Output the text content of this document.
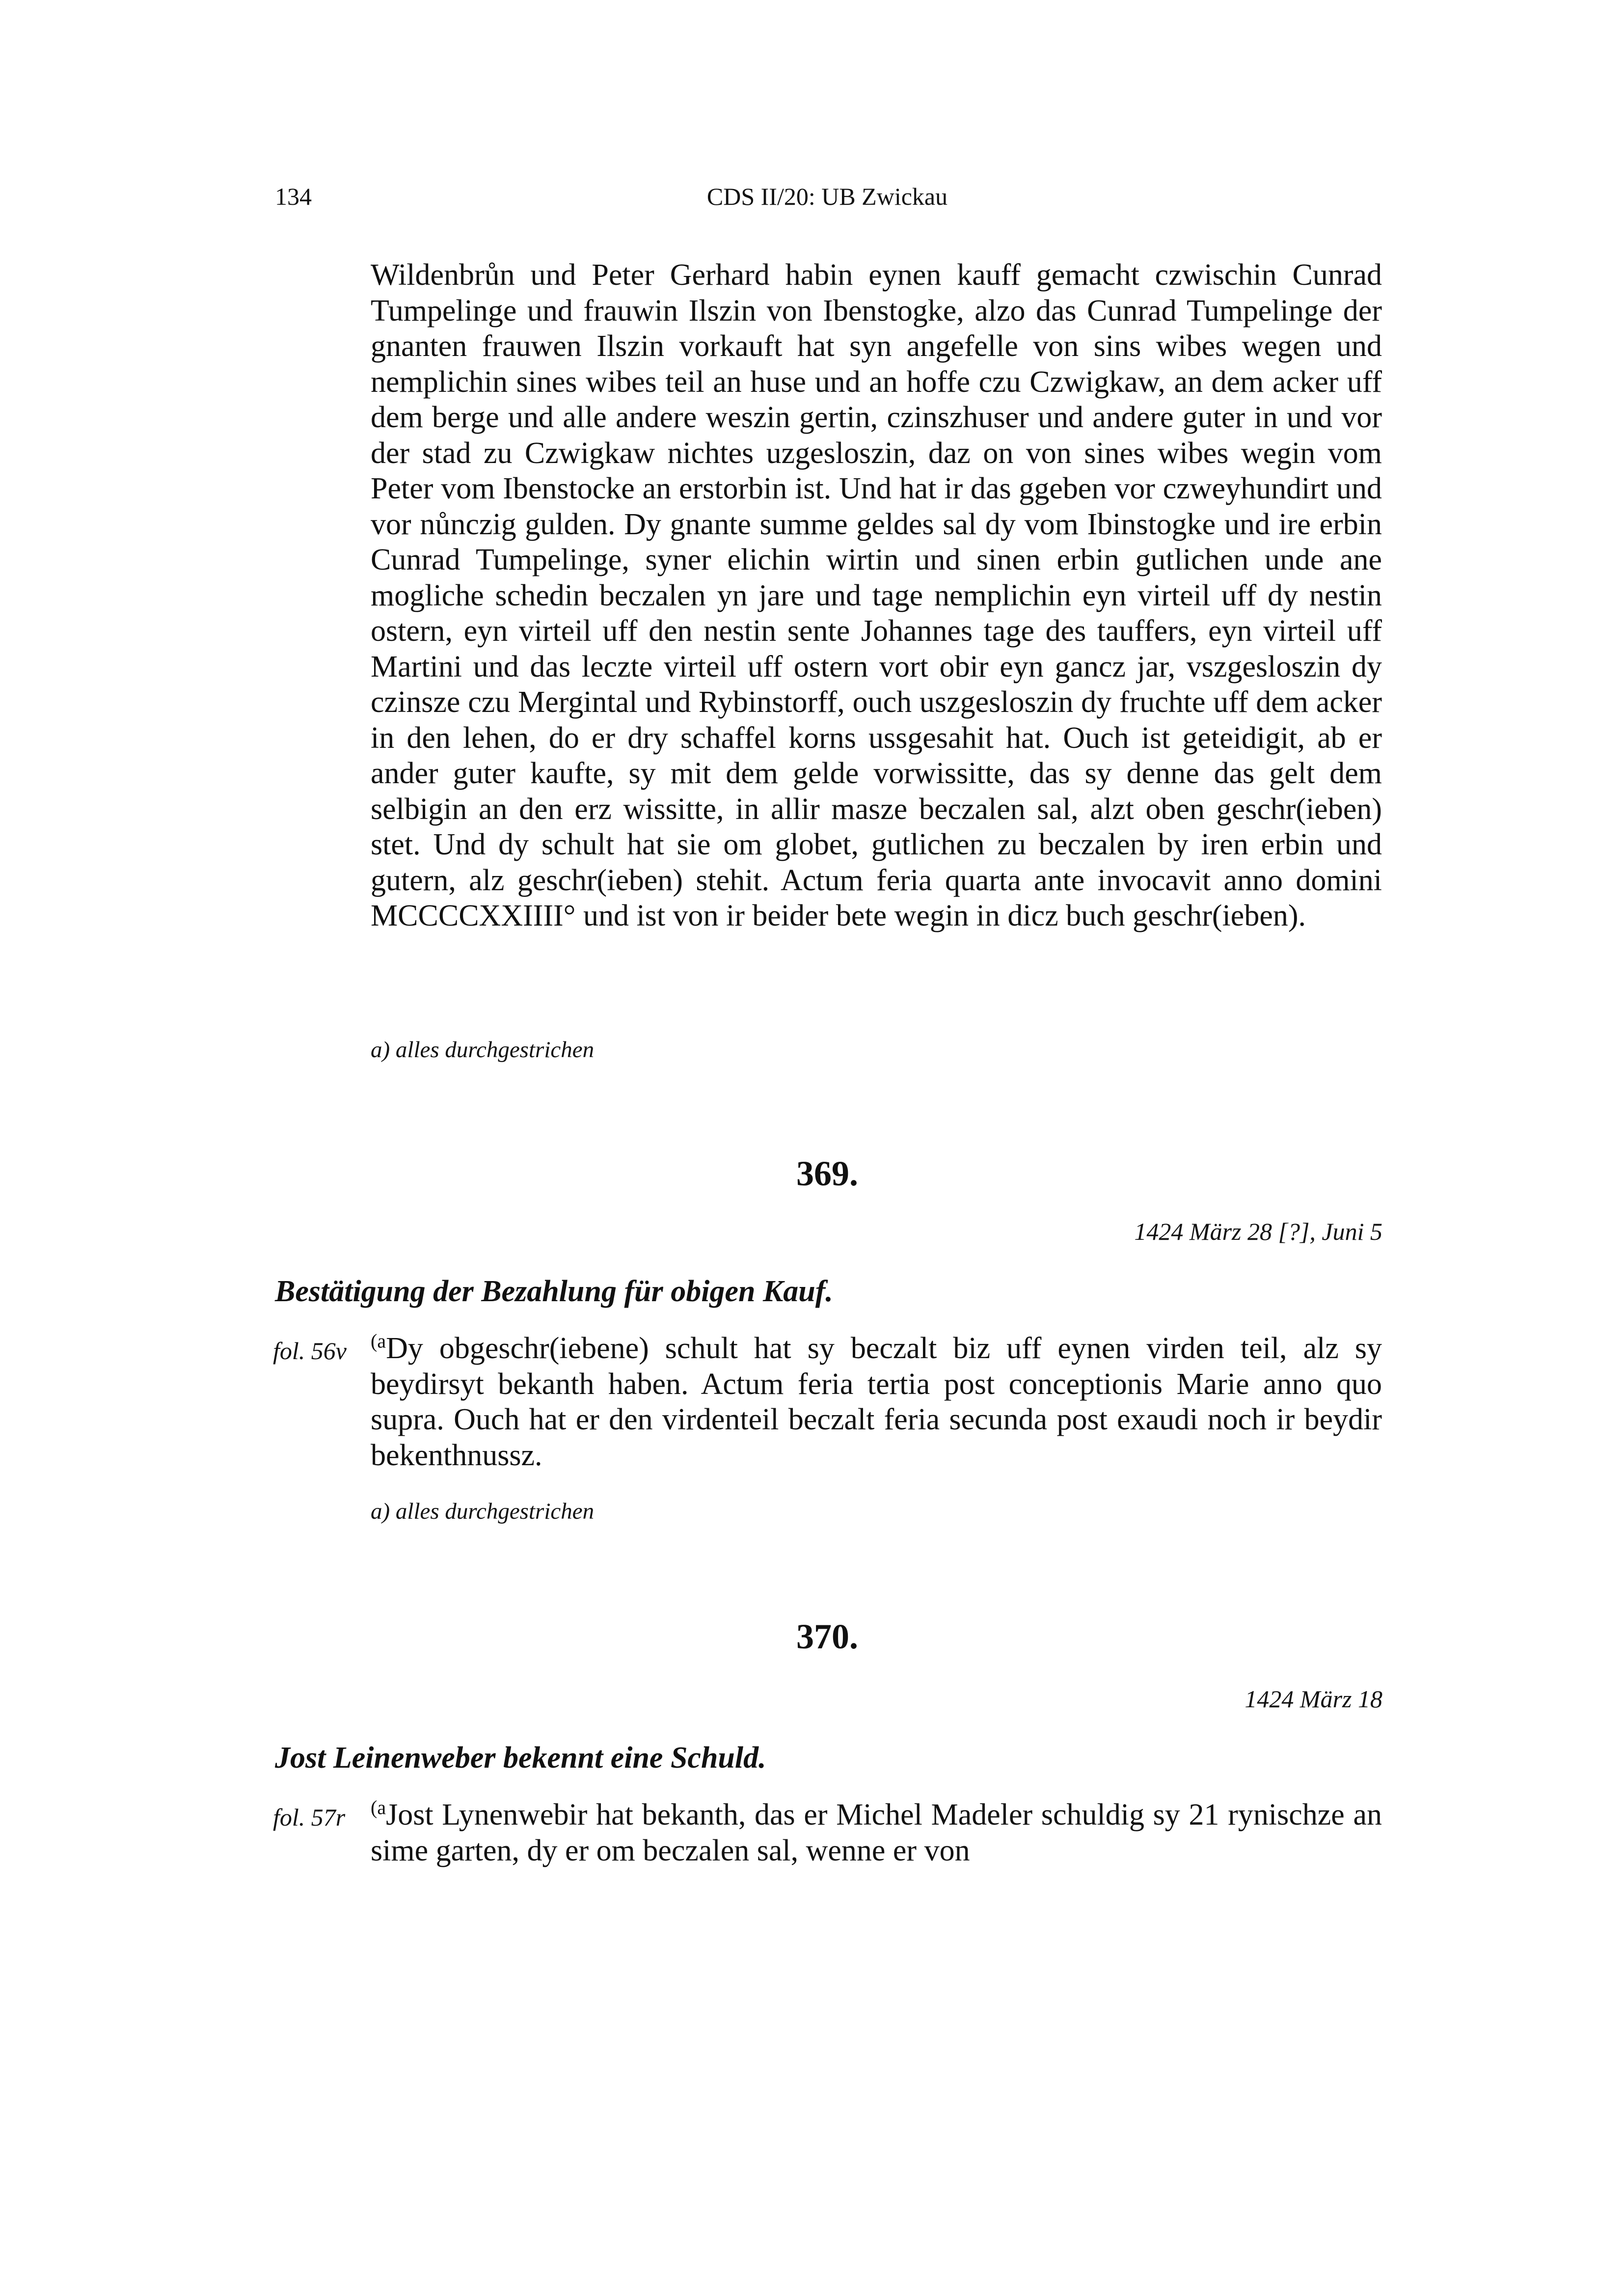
134	CDS II/20: UB Zwickau

Wildenbrůn und Peter Gerhard habin eynen kauff gemacht czwischin Cunrad Tumpelinge und frauwin Ilszin von Ibenstogke, alzo das Cunrad Tumpelinge der gnanten frauwen Ilszin vorkauft hat syn angefelle von sins wibes wegen und nemplichin sines wibes teil an huse und an hoffe czu Czwigkaw, an dem acker uff dem berge und alle andere weszin gertin, czinszhuser und andere guter in und vor der stad zu Czwigkaw nichtes uzgesloszin, daz on von sines wibes wegin vom Peter vom Ibenstocke an erstorbin ist. Und hat ir das ggeben vor czweyhundirt und vor nůnczig gulden. Dy gnante summe geldes sal dy vom Ibinstogke und ire erbin Cunrad Tumpelinge, syner elichin wirtin und sinen erbin gutlichen unde ane mogliche schedin beczalen yn jare und tage nemplichin eyn virteil uff dy nestin ostern, eyn virteil uff den nestin sente Johannes tage des tauffers, eyn virteil uff Martini und das leczte virteil uff ostern vort obir eyn gancz jar, vszgesloszin dy czinsze czu Mergintal und Rybinstorff, ouch uszgesloszin dy fruchte uff dem acker in den lehen, do er dry schaffel korns ussgesahit hat. Ouch ist geteidigit, ab er ander guter kaufte, sy mit dem gelde vorwissitte, das sy denne das gelt dem selbigin an den erz wissitte, in allir masze beczalen sal, alzt oben geschr(ieben) stet. Und dy schult hat sie om globet, gutlichen zu beczalen by iren erbin und gutern, alz geschr(ieben) stehit. Actum feria quarta ante invocavit anno domini MCCCCXXIIII° und ist von ir beider bete wegin in dicz buch geschr(ieben).

a) alles durchgestrichen

369.
1424 März 28 [?], Juni 5
Bestätigung der Bezahlung für obigen Kauf.
fol. 56v	$^{(a}$Dy obgeschr(iebene) schult hat sy beczalt biz uff eynen virden teil, alz sy beydirsyt bekanth haben. Actum feria tertia post conceptionis Marie anno quo supra. Ouch hat er den virdenteil beczalt feria secunda post exaudi noch ir beydir bekenthnussz.

a) alles durchgestrichen

370.
1424 März 18
Jost Leinenweber bekennt eine Schuld.
fol. 57r	$^{(a}$Jost Lynenwebir hat bekanth, das er Michel Madeler schuldig sy 21 rynischze an sime garten, dy er om beczalen sal, wenne er von
